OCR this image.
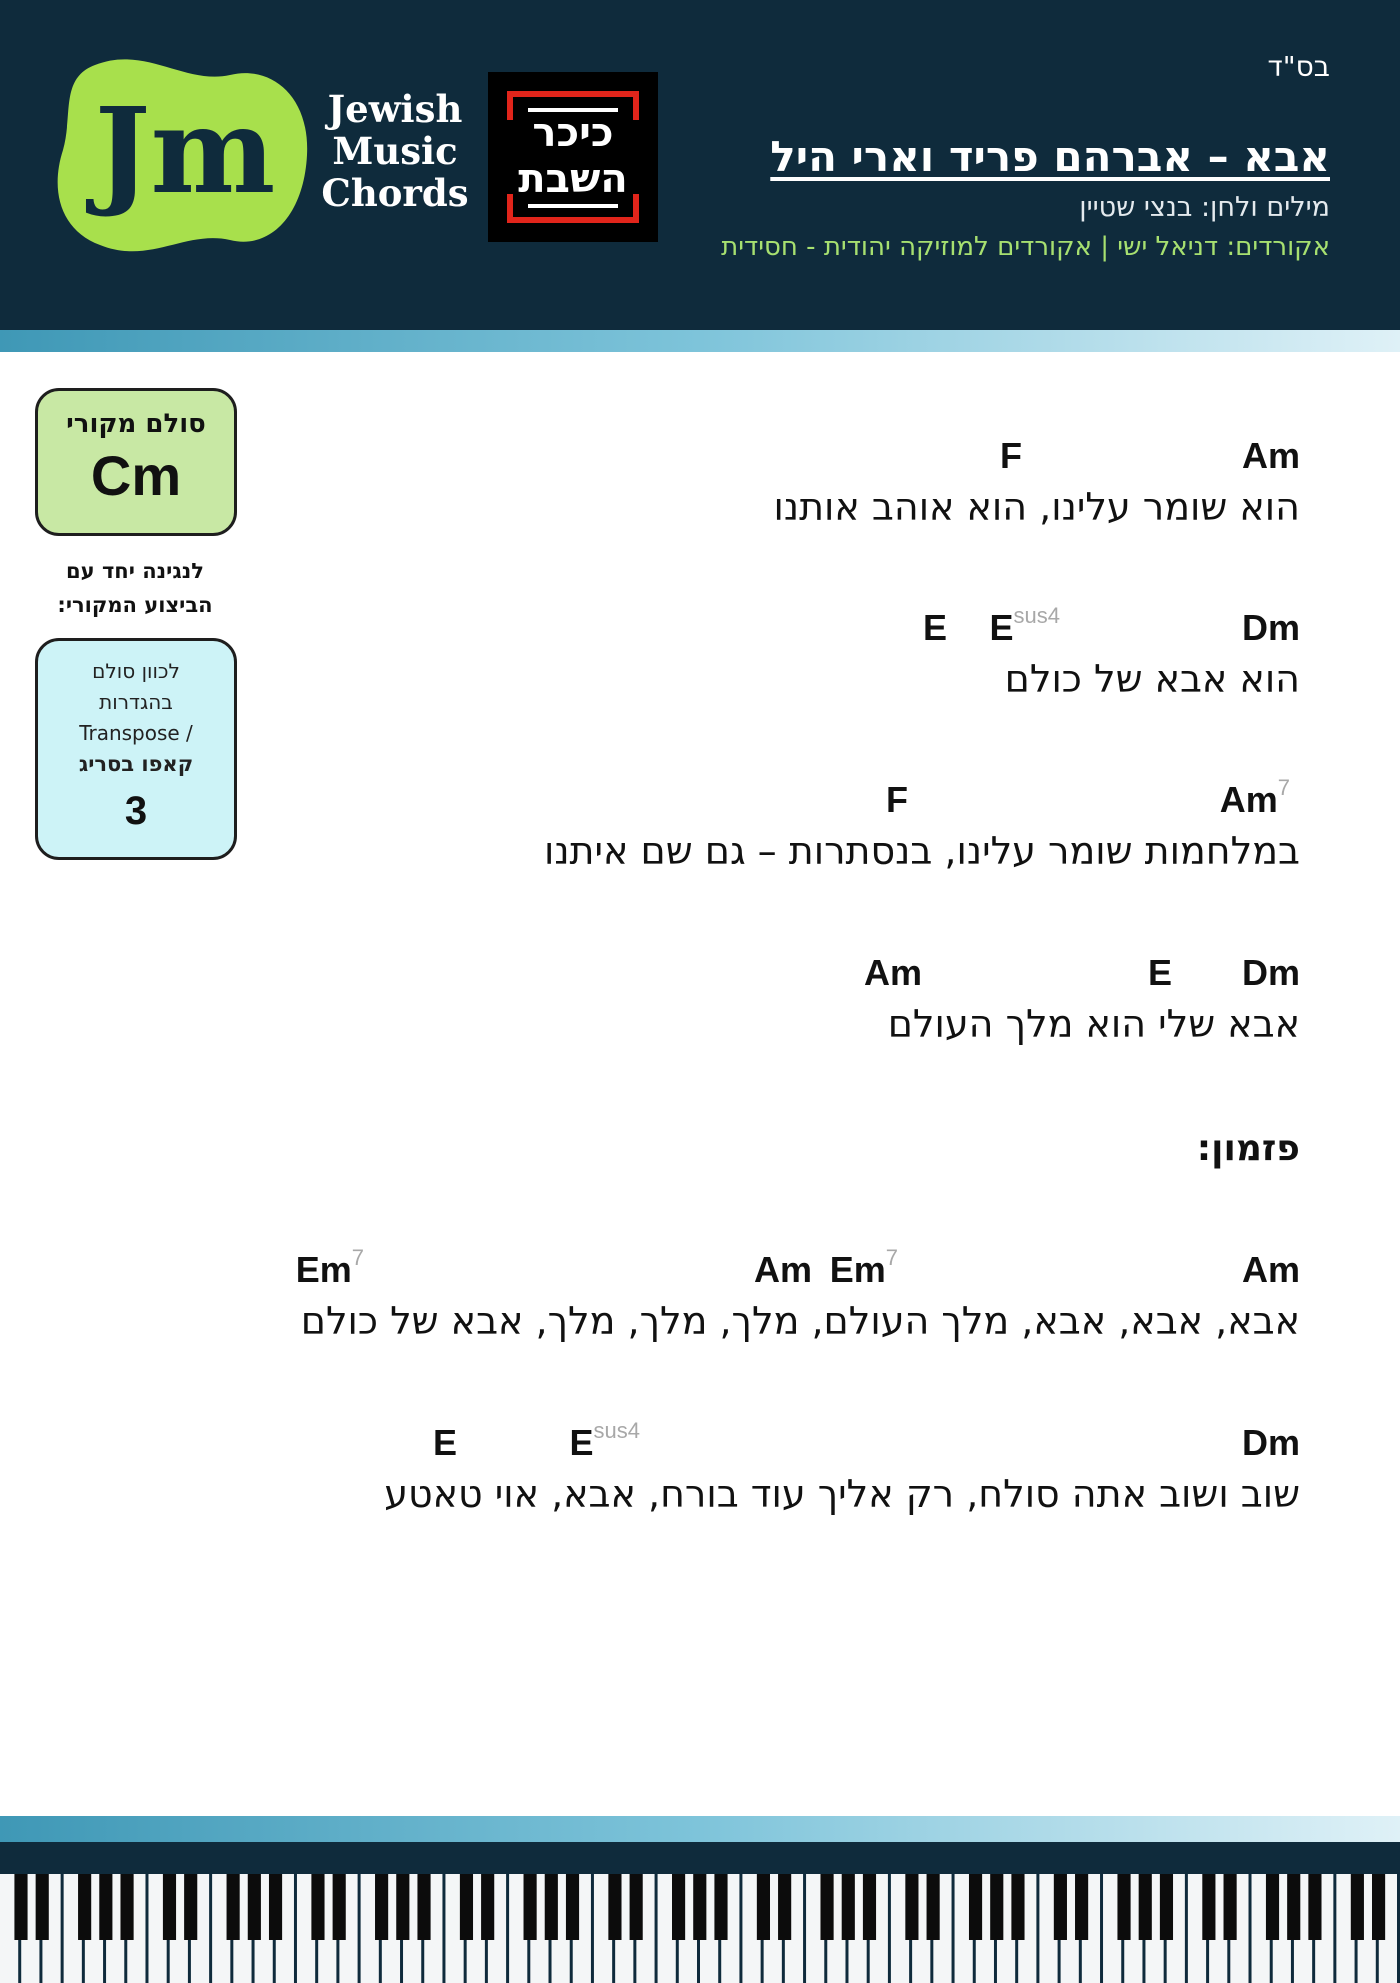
Jm Jewish
Music
Chords
כיכר
השבת
בס"ד
אבא – אברהם פריד וארי היל
מילים ולחן: בנצי שטיין
אקורדים: דניאל ישי | אקורדים למוזיקה יהודית - חסידית
סולם מקורי
Cm
לנגינה יחד עם
הביצוע המקורי:
לכוון סולם
בהגדרות
/ Transpose
קאפו בסריג
3
Am
F
הוא שומר עלינו, הוא אוהב אותנו
Dm
$E^{sus4}$
E
הוא אבא של כולם
Am$^7$
F
במלחמות שומר עלינו, בנסתרות – גם שם איתנו
Dm
E
Am
אבא שלי הוא מלך העולם
פזמון:
Am
Em$^7$
Am
Em$^7$
אבא, אבא, אבא, מלך העולם, מלך, מלך, מלך, אבא של כולם
Dm
$E^{sus4}$
E
שוב ושוב אתה סולח, רק אליך עוד בורח, אבא, אוי טאטע
